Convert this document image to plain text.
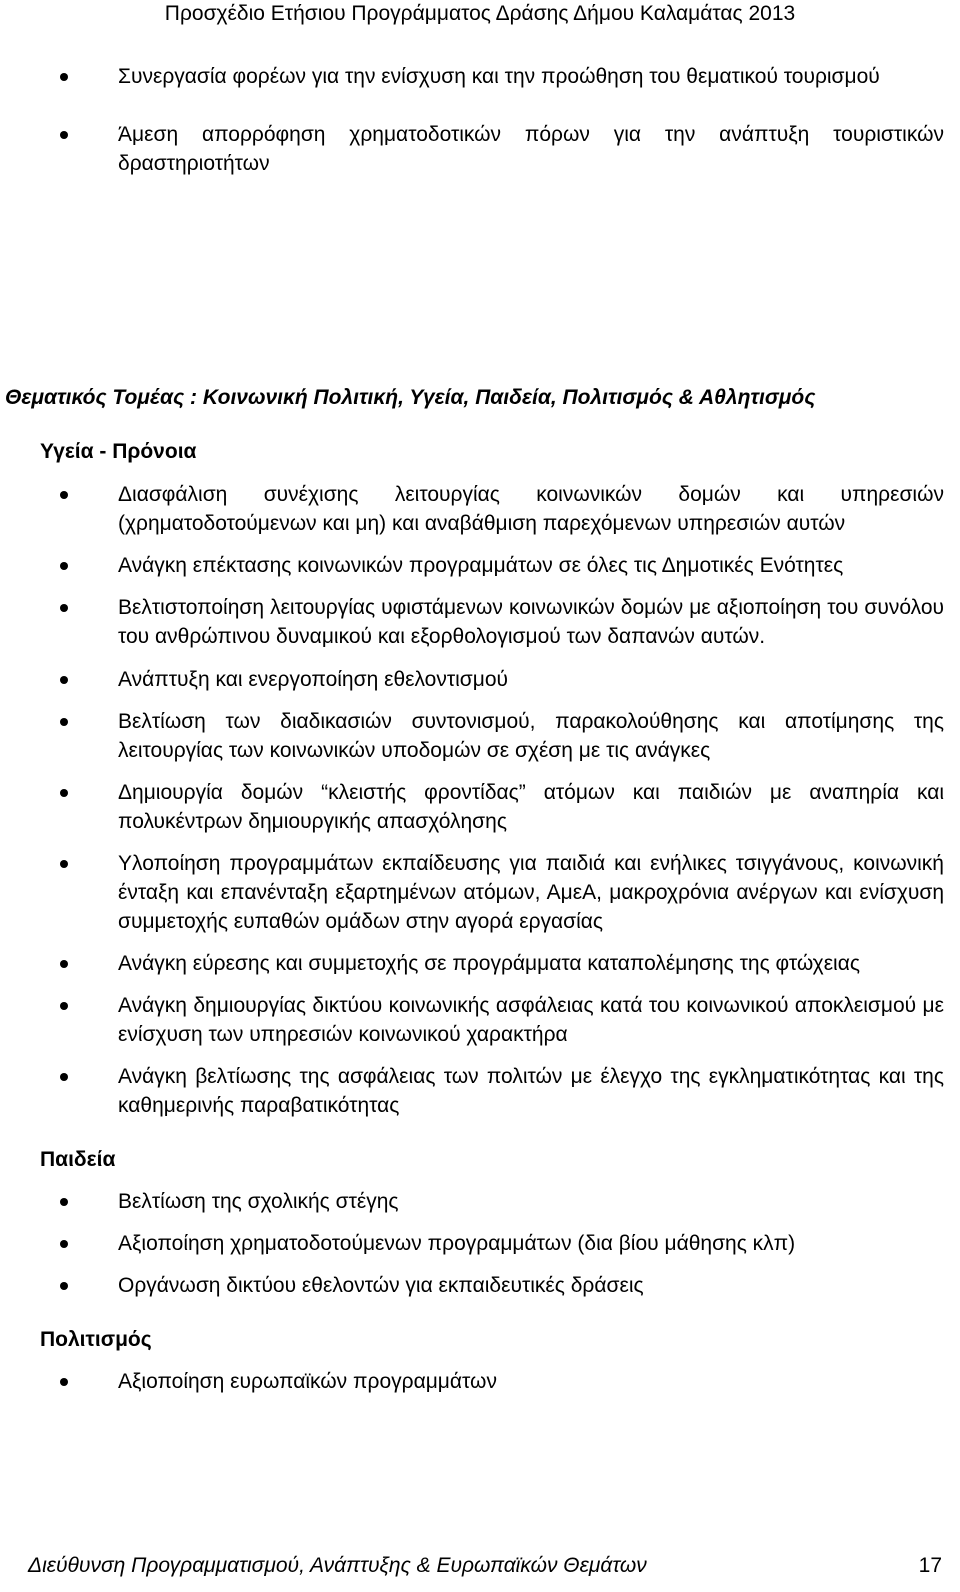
Προσχέδιο Ετήσιου Προγράμματος Δράσης Δήμου Καλαμάτας 2013
Συνεργασία φορέων για την ενίσχυση και την προώθηση του θεματικού τουρισμού
Άμεση απορρόφηση χρηματοδοτικών πόρων για την ανάπτυξη τουριστικών δραστηριοτήτων
Θεματικός Τομέας : Κοινωνική Πολιτική, Υγεία, Παιδεία, Πολιτισμός & Αθλητισμός
Υγεία - Πρόνοια
Διασφάλιση συνέχισης λειτουργίας κοινωνικών δομών και υπηρεσιών (χρηματοδοτούμενων και μη) και αναβάθμιση παρεχόμενων υπηρεσιών αυτών
Ανάγκη επέκτασης κοινωνικών προγραμμάτων σε όλες τις Δημοτικές Ενότητες
Βελτιστοποίηση λειτουργίας υφιστάμενων κοινωνικών δομών με αξιοποίηση του συνόλου του ανθρώπινου δυναμικού και εξορθολογισμού των δαπανών αυτών.
Ανάπτυξη και ενεργοποίηση εθελοντισμού
Βελτίωση των διαδικασιών συντονισμού, παρακολούθησης και αποτίμησης της λειτουργίας των κοινωνικών υποδομών σε σχέση με τις ανάγκες
Δημιουργία δομών “κλειστής φροντίδας” ατόμων και παιδιών με αναπηρία και πολυκέντρων δημιουργικής απασχόλησης
Υλοποίηση προγραμμάτων εκπαίδευσης για παιδιά και ενήλικες τσιγγάνους, κοινωνική ένταξη και επανένταξη εξαρτημένων ατόμων, ΑμεΑ, μακροχρόνια ανέργων και ενίσχυση συμμετοχής ευπαθών ομάδων στην αγορά εργασίας
Ανάγκη εύρεσης και συμμετοχής σε προγράμματα καταπολέμησης της φτώχειας
Ανάγκη δημιουργίας δικτύου κοινωνικής ασφάλειας κατά του κοινωνικού αποκλεισμού με ενίσχυση των υπηρεσιών κοινωνικού χαρακτήρα
Ανάγκη βελτίωσης της ασφάλειας των πολιτών με έλεγχο της εγκληματικότητας και της καθημερινής παραβατικότητας
Παιδεία
Βελτίωση της σχολικής στέγης
Αξιοποίηση χρηματοδοτούμενων προγραμμάτων (δια βίου μάθησης κλπ)
Οργάνωση δικτύου εθελοντών για εκπαιδευτικές δράσεις
Πολιτισμός
Αξιοποίηση ευρωπαϊκών προγραμμάτων
Διεύθυνση Προγραμματισμού, Ανάπτυξης & Ευρωπαϊκών Θεμάτων	17
